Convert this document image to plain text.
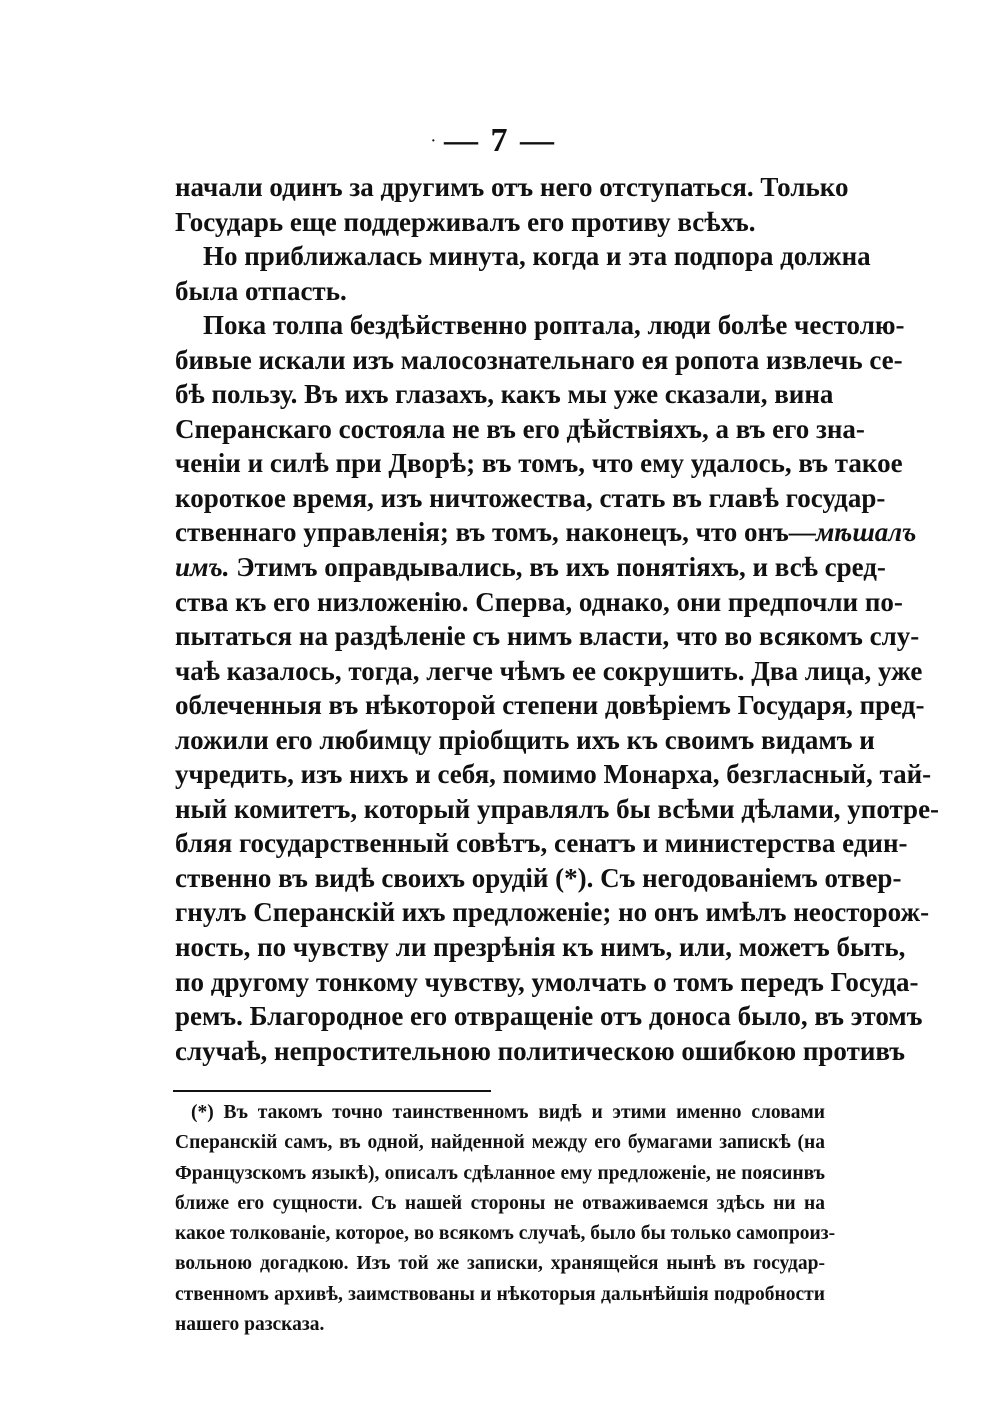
· — 7 —
начали одинъ за другимъ отъ него отступаться. Только
Государь еще поддерживалъ его противу всѣхъ.
Но приближалась минута, когда и эта подпора должна
была отпасть.
Пока толпа бездѣйственно роптала, люди болѣе честолю-
бивые искали изъ малосознательнаго ея ропота извлечь се-
бѣ пользу. Въ ихъ глазахъ, какъ мы уже сказали, вина
Сперанскаго состояла не въ его дѣйствiяхъ, а въ его зна-
ченiи и силѣ при Дворѣ; въ томъ, что ему удалось, въ такое
короткое время, изъ ничтожества, стать въ главѣ государ-
ственнаго управленiя; въ томъ, наконецъ, что онъ—мѣшалъ
имъ. Этимъ оправдывались, въ ихъ понятiяхъ, и всѣ сред-
ства къ его низложенiю. Сперва, однако, они предпочли по-
пытаться на раздѣленiе съ нимъ власти, что во всякомъ слу-
чаѣ казалось, тогда, легче чѣмъ ее сокрушить. Два лица, уже
облеченныя въ нѣкоторой степени довѣрiемъ Государя, пред-
ложили его любимцу прiобщить ихъ къ своимъ видамъ и
учредить, изъ нихъ и себя, помимо Монарха, безгласный, тай-
ный комитетъ, который управлялъ бы всѣми дѣлами, употре-
бляя государственный совѣтъ, сенатъ и министерства един-
ственно въ видѣ своихъ орудiй (*). Съ негодованiемъ отвер-
гнулъ Сперанскiй ихъ предложенiе; но онъ имѣлъ неосторож-
ность, по чувству ли презрѣнiя къ нимъ, или, можетъ быть,
по другому тонкому чувству, умолчать о томъ передъ Госуда-
ремъ. Благородное его отвращенiе отъ доноса было, въ этомъ
случаѣ, непростительною политическою ошибкою противъ
(*) Въ такомъ точно таинственномъ видѣ и этими именно словами
Сперанскiй самъ, въ одной, найденной между его бумагами запискѣ (на
Французскомъ языкѣ), описалъ сдѣланное ему предложенiе, не поясинвъ
ближе его сущности. Съ нашей стороны не отваживаемся здѣсь ни на
какое толкованiе, которое, во всякомъ случаѣ, было бы только самопроиз-
вольною догадкою. Изъ той же записки, хранящейся нынѣ въ государ-
ственномъ архивѣ, заимствованы и нѣкоторыя дальнѣйшiя подробности
нашего разсказа.
